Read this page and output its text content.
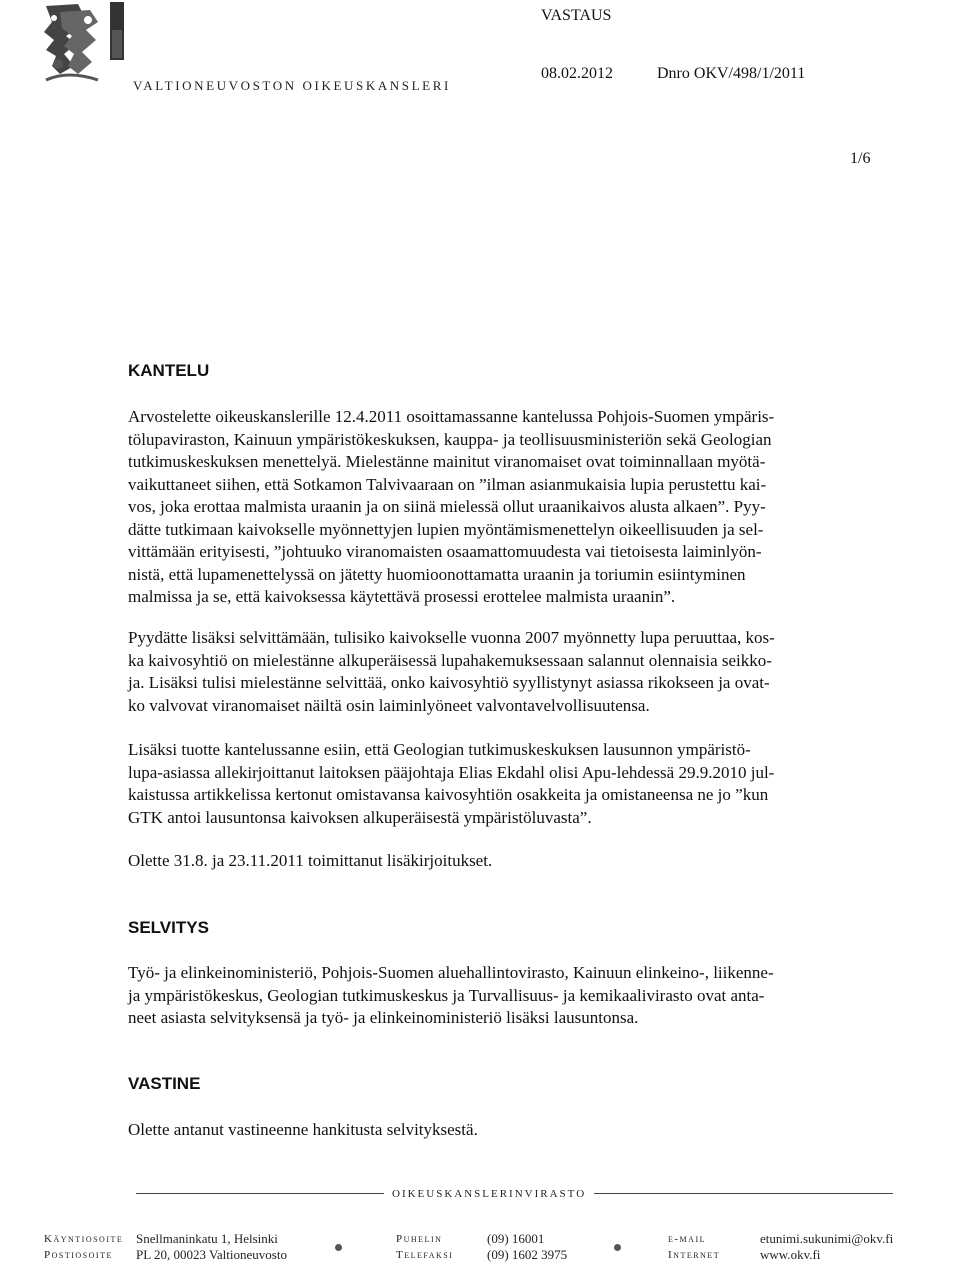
VALTIONEUVOSTON OIKEUSKANSLERI
VASTAUS
08.02.2012	Dnro OKV/498/1/2011
1/6
KANTELU
Arvostelette oikeuskanslerille 12.4.2011 osoittamassanne kantelussa Pohjois-Suomen ympäris-
tölupaviraston, Kainuun ympäristökeskuksen, kauppa- ja teollisuusministeriön sekä Geologian
tutkimuskeskuksen menettelyä. Mielestänne mainitut viranomaiset ovat toiminnallaan myötä-
vaikuttaneet siihen, että Sotkamon Talvivaaraan on ”ilman asianmukaisia lupia perustettu kai-
vos, joka erottaa malmista uraanin ja on siinä mielessä ollut uraanikaivos alusta alkaen”. Pyy-
dätte tutkimaan kaivokselle myönnettyjen lupien myöntämismenettelyn oikeellisuuden ja sel-
vittämään erityisesti, ”johtuuko viranomaisten osaamattomuudesta vai tietoisesta laiminlyön-
nistä, että lupamenettelyssä on jätetty huomioonottamatta uraanin ja toriumin esiintyminen
malmissa ja se, että kaivoksessa käytettävä prosessi erottelee malmista uraanin”.
Pyydätte lisäksi selvittämään, tulisiko kaivokselle vuonna 2007 myönnetty lupa peruuttaa, kos-
ka kaivosyhtiö on mielestänne alkuperäisessä lupahakemuksessaan salannut olennaisia seikko-
ja. Lisäksi tulisi mielestänne selvittää, onko kaivosyhtiö syyllistynyt asiassa rikokseen ja ovat-
ko valvovat viranomaiset näiltä osin laiminlyöneet valvontavelvollisuutensa.
Lisäksi tuotte kantelussanne esiin, että Geologian tutkimuskeskuksen lausunnon ympäristö-
lupa-asiassa allekirjoittanut laitoksen pääjohtaja Elias Ekdahl olisi Apu-lehdessä 29.9.2010 jul-
kaistussa artikkelissa kertonut omistavansa kaivosyhtiön osakkeita ja omistaneensa ne jo ”kun
GTK antoi lausuntonsa kaivoksen alkuperäisestä ympäristöluvasta”.
Olette 31.8. ja 23.11.2011 toimittanut lisäkirjoitukset.
SELVITYS
Työ- ja elinkeinoministeriö, Pohjois-Suomen aluehallintovirasto, Kainuun elinkeino-, liikenne-
ja ympäristökeskus, Geologian tutkimuskeskus ja Turvallisuus- ja kemikaalivirasto ovat anta-
neet asiasta selvityksensä ja työ- ja elinkeinoministeriö lisäksi lausuntonsa.
VASTINE
Olette antanut vastineenne hankitusta selvityksestä.
OIKEUSKANSLERINVIRASTO
Käyntiosoite Snellmaninkatu 1, Helsinki
Postiosoite PL 20, 00023 Valtioneuvosto
Puhelin	(09) 16001
Telefaksi	(09) 1602 3975
e-mail	etunimi.sukunimi@okv.fi
Internet	www.okv.fi
